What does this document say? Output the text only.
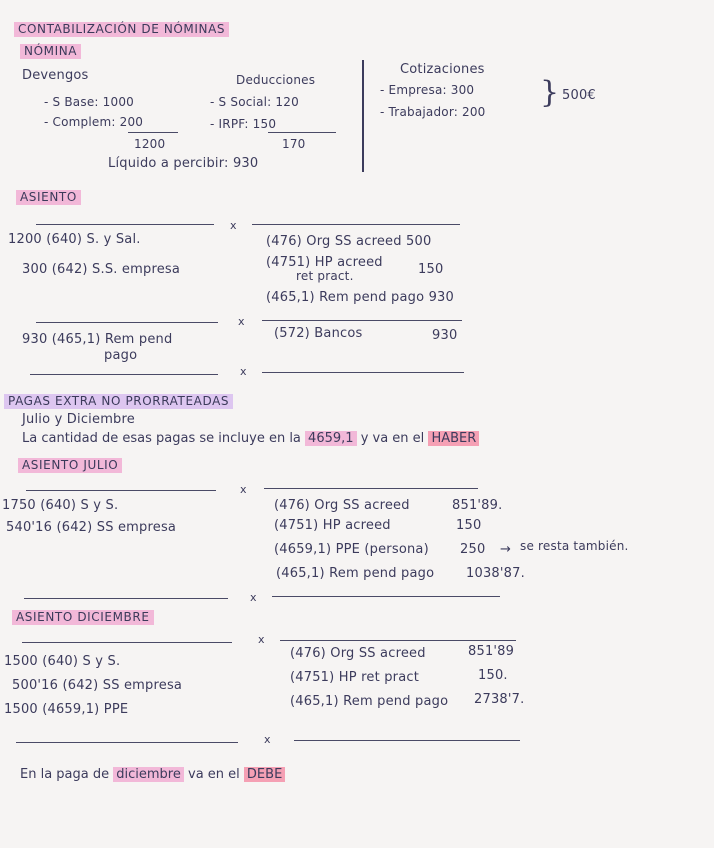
CONTABILIZACIÓN DE NÓMINAS
NÓMINA
Devengos
- S Base: 1000
- Complem: 200
1200
Deducciones
- S Social: 120
- IRPF: 150
170
Líquido a percibir: 930
Cotizaciones
- Empresa: 300
- Trabajador: 200
} 500€
ASIENTO
x
1200 (640) S. y Sal.
300 (642) S.S. empresa
(476) Org SS acreed 500
(4751) HP acreed
ret pract.	150
(465,1) Rem pend pago 930
x
930 (465,1) Rem pend
pago
(572) Bancos	930
x
PAGAS EXTRA NO PRORRATEADAS
Julio y Diciembre
La cantidad de esas pagas se incluye en la 4659,1 y va en el HABER
ASIENTO JULIO
x
1750 (640) S y S.
540'16 (642) SS empresa
(476) Org SS acreed	851'89.
(4751) HP acreed	150
(4659,1) PPE (persona) 250 → se resta también.
(465,1) Rem pend pago 1038'87.
x
ASIENTO DICIEMBRE
x
1500 (640) S y S.
500'16 (642) SS empresa
1500 (4659,1) PPE
(476) Org SS acreed	851'89
(4751) HP ret pract	150.
(465,1) Rem pend pago 2738'7.
x
En la paga de diciembre va en el DEBE
